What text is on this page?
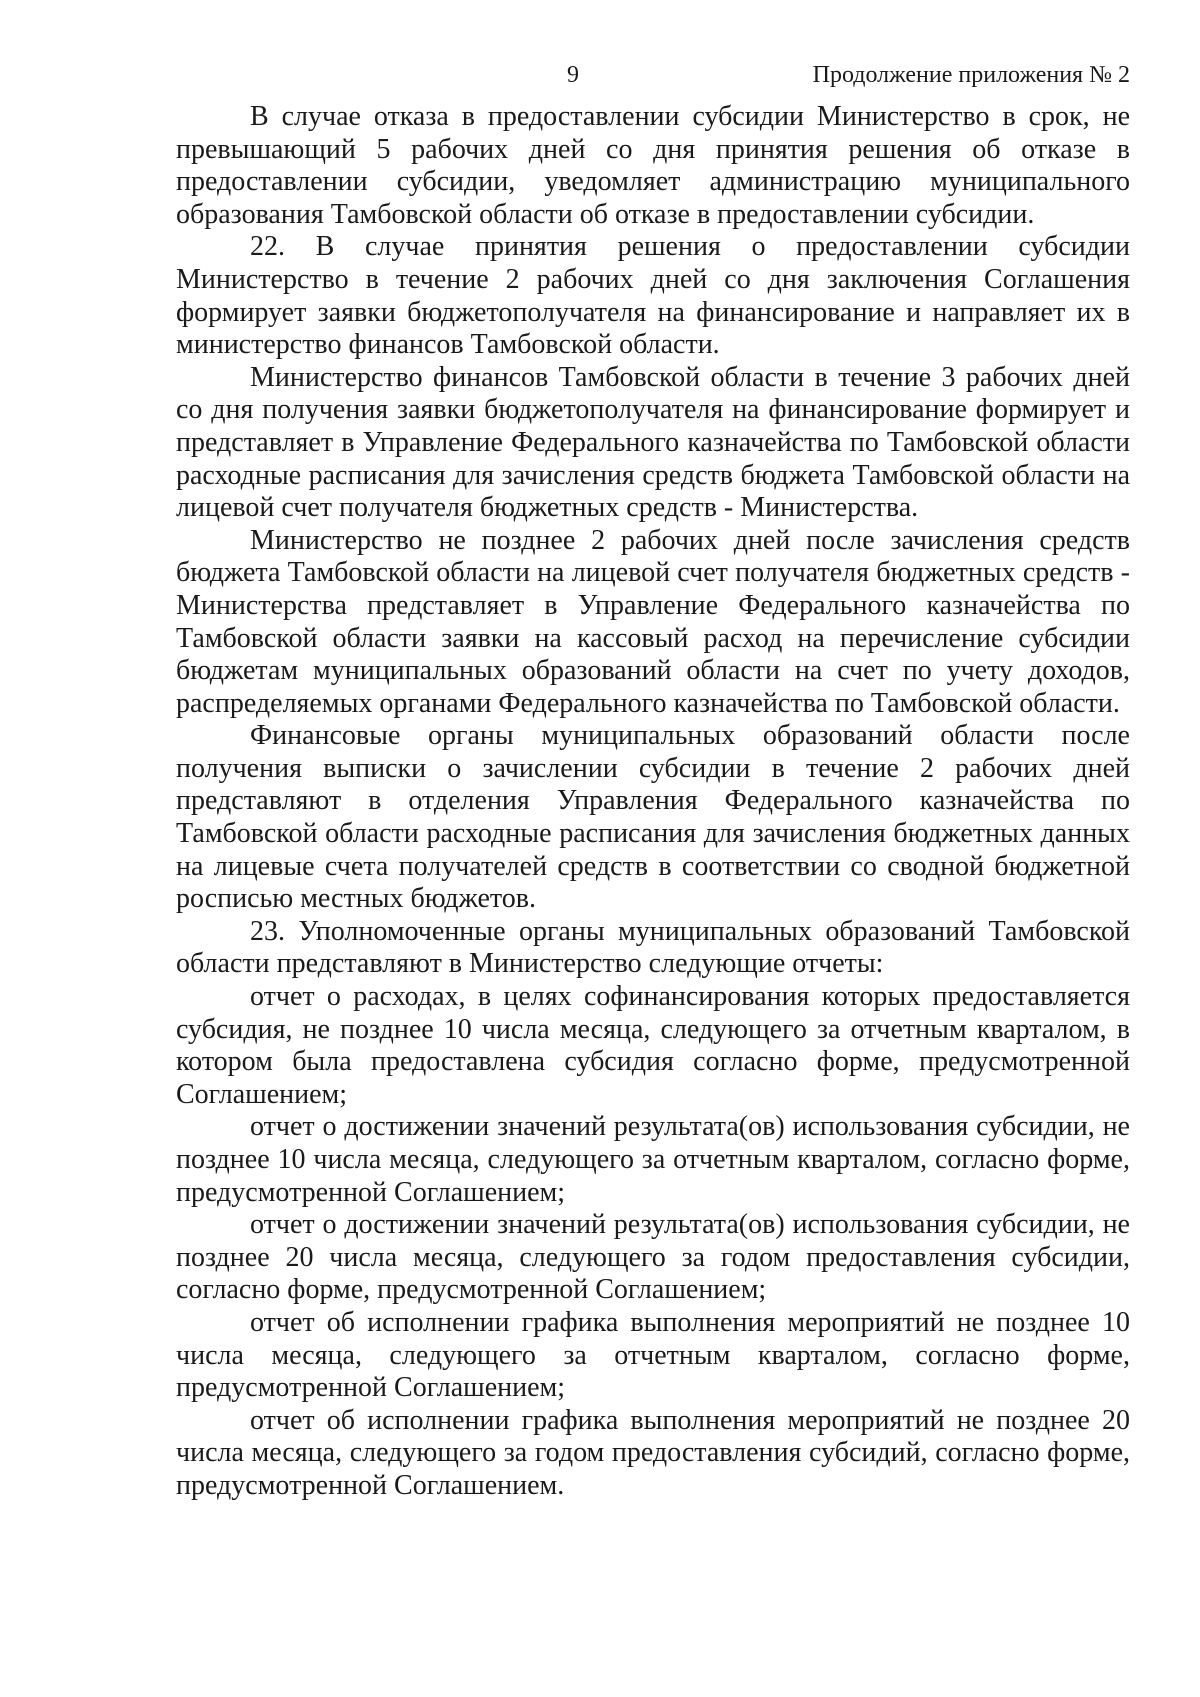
9	Продолжение приложения № 2

В случае отказа в предоставлении субсидии Министерство в срок, не превышающий 5 рабочих дней со дня принятия решения об отказе в предоставлении субсидии, уведомляет администрацию муниципального образования Тамбовской области об отказе в предоставлении субсидии.

22. В случае принятия решения о предоставлении субсидии Министерство в течение 2 рабочих дней со дня заключения Соглашения формирует заявки бюджетополучателя на финансирование и направляет их в министерство финансов Тамбовской области.

Министерство финансов Тамбовской области в течение 3 рабочих дней со дня получения заявки бюджетополучателя на финансирование формирует и представляет в Управление Федерального казначейства по Тамбовской области расходные расписания для зачисления средств бюджета Тамбовской области на лицевой счет получателя бюджетных средств - Министерства.

Министерство не позднее 2 рабочих дней после зачисления средств бюджета Тамбовской области на лицевой счет получателя бюджетных средств - Министерства представляет в Управление Федерального казначейства по Тамбовской области заявки на кассовый расход на перечисление субсидии бюджетам муниципальных образований области на счет по учету доходов, распределяемых органами Федерального казначейства по Тамбовской области.

Финансовые органы муниципальных образований области после получения выписки о зачислении субсидии в течение 2 рабочих дней представляют в отделения Управления Федерального казначейства по Тамбовской области расходные расписания для зачисления бюджетных данных на лицевые счета получателей средств в соответствии со сводной бюджетной росписью местных бюджетов.

23. Уполномоченные органы муниципальных образований Тамбовской области представляют в Министерство следующие отчеты:

отчет о расходах, в целях софинансирования которых предоставляется субсидия, не позднее 10 числа месяца, следующего за отчетным кварталом, в котором была предоставлена субсидия согласно форме, предусмотренной Соглашением;

отчет о достижении значений результата(ов) использования субсидии, не позднее 10 числа месяца, следующего за отчетным кварталом, согласно форме, предусмотренной Соглашением;

отчет о достижении значений результата(ов) использования субсидии, не позднее 20 числа месяца, следующего за годом предоставления субсидии, согласно форме, предусмотренной Соглашением;

отчет об исполнении графика выполнения мероприятий не позднее 10 числа месяца, следующего за отчетным кварталом, согласно форме, предусмотренной Соглашением;

отчет об исполнении графика выполнения мероприятий не позднее 20 числа месяца, следующего за годом предоставления субсидий, согласно форме, предусмотренной Соглашением.
